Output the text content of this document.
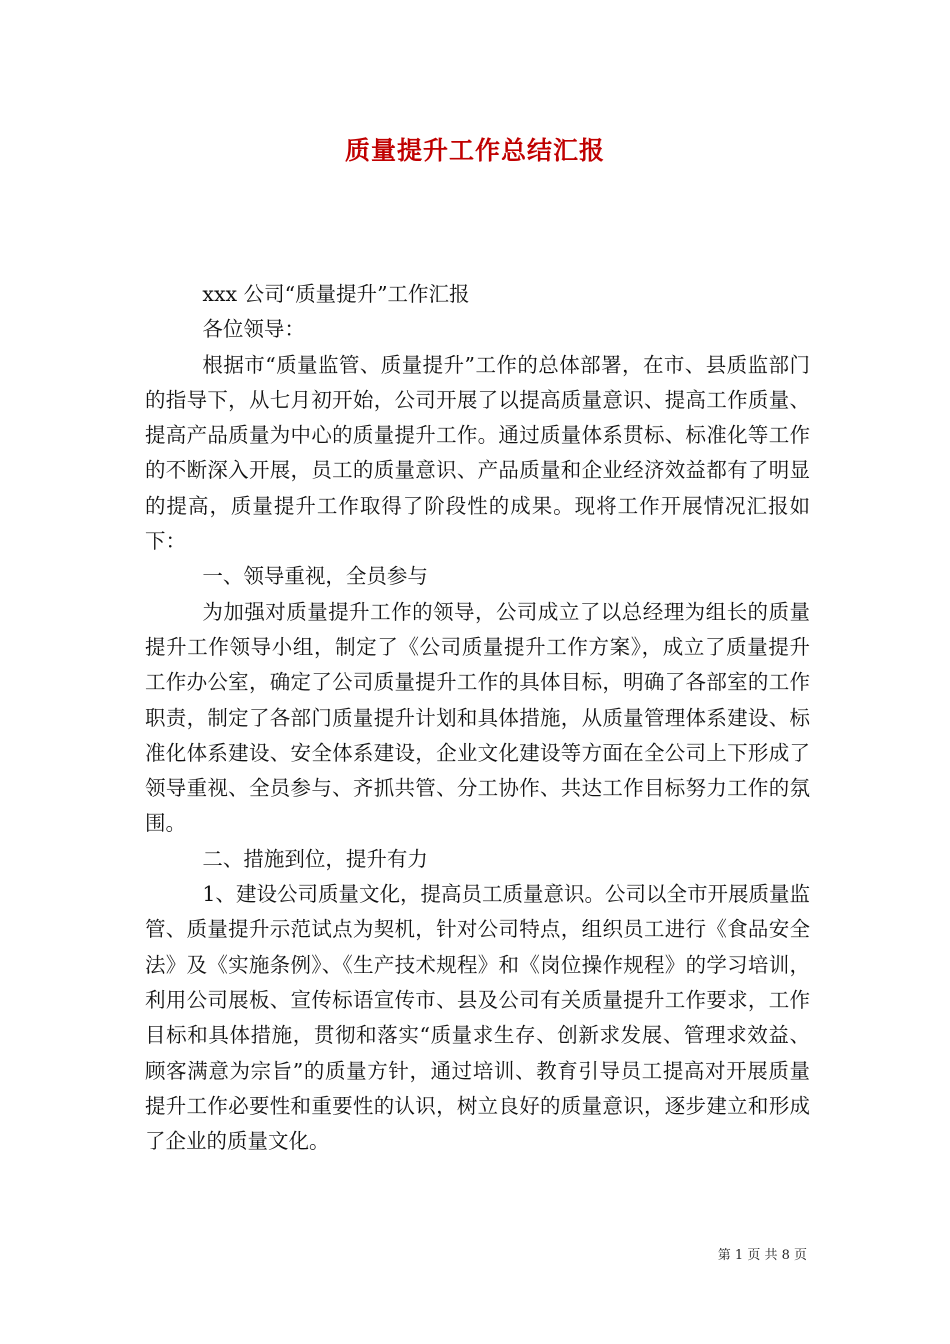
质量提升工作总结汇报

xxx 公司“质量提升”工作汇报

各位领导：

根据市“质量监管、质量提升”工作的总体部署，在市、县质监部门的指导下，从七月初开始，公司开展了以提高质量意识、提高工作质量、提高产品质量为中心的质量提升工作。通过质量体系贯标、标准化等工作的不断深入开展，员工的质量意识、产品质量和企业经济效益都有了明显的提高，质量提升工作取得了阶段性的成果。现将工作开展情况汇报如下：

一、领导重视，全员参与

为加强对质量提升工作的领导，公司成立了以总经理为组长的质量提升工作领导小组，制定了《公司质量提升工作方案》，成立了质量提升工作办公室，确定了公司质量提升工作的具体目标，明确了各部室的工作职责，制定了各部门质量提升计划和具体措施，从质量管理体系建设、标准化体系建设、安全体系建设，企业文化建设等方面在全公司上下形成了领导重视、全员参与、齐抓共管、分工协作、共达工作目标努力工作的氛围。

二、措施到位，提升有力

1、建设公司质量文化，提高员工质量意识。公司以全市开展质量监管、质量提升示范试点为契机，针对公司特点，组织员工进行《食品安全法》及《实施条例》、《生产技术规程》和《岗位操作规程》的学习培训，利用公司展板、宣传标语宣传市、县及公司有关质量提升工作要求，工作目标和具体措施，贯彻和落实“质量求生存、创新求发展、管理求效益、顾客满意为宗旨”的质量方针，通过培训、教育引导员工提高对开展质量提升工作必要性和重要性的认识，树立良好的质量意识，逐步建立和形成了企业的质量文化。

第 1 页 共 8 页
